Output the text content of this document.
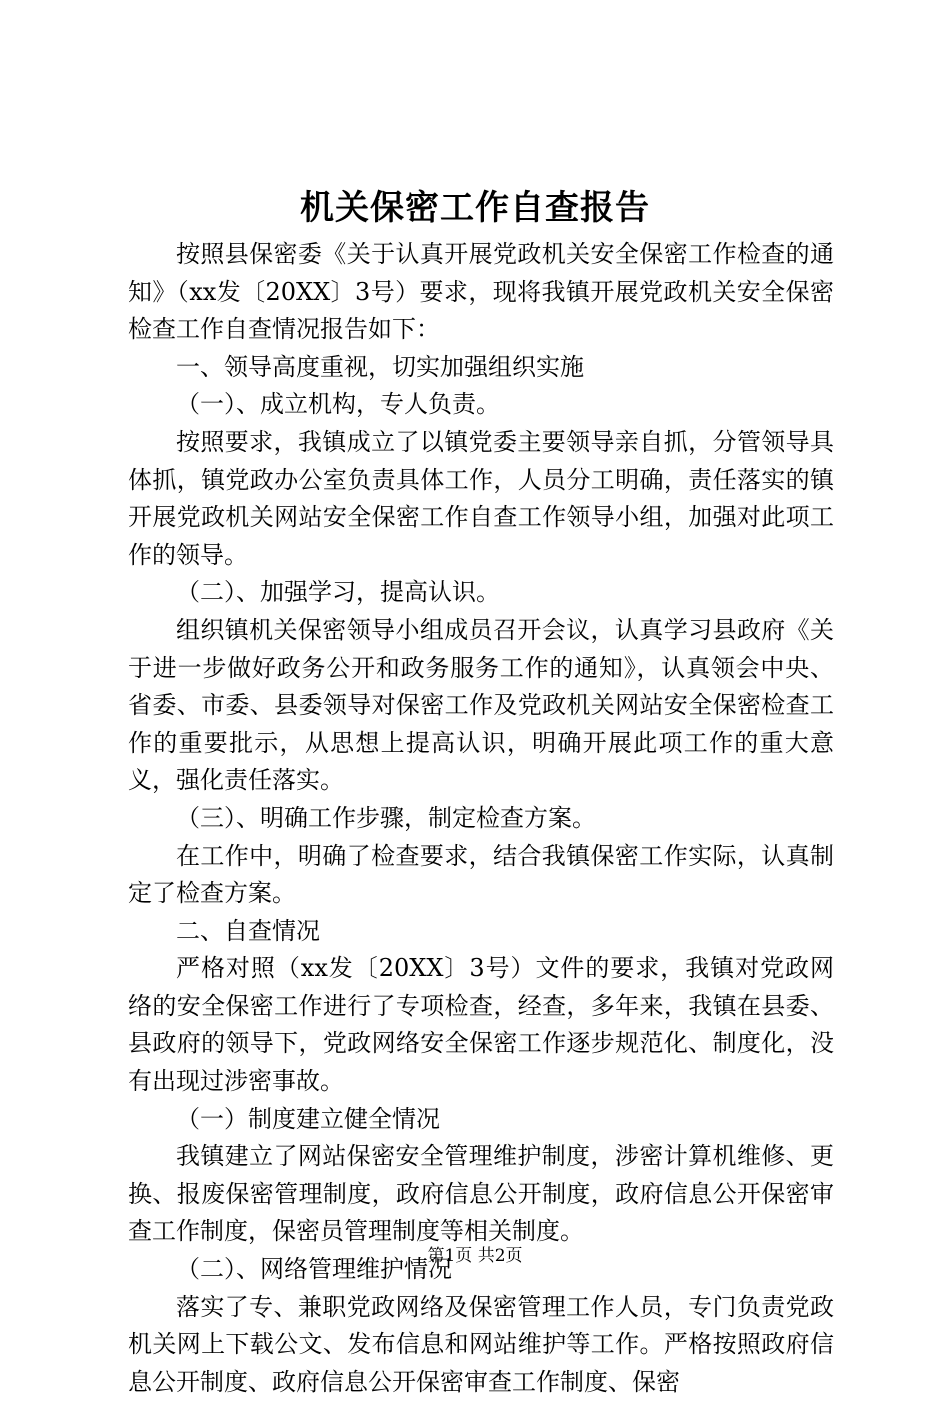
机关保密工作自查报告

按照县保密委《关于认真开展党政机关安全保密工作检查的通知》（xx发〔20XX〕3号）要求，现将我镇开展党政机关安全保密检查工作自查情况报告如下：

一、领导高度重视，切实加强组织实施

（一）、成立机构，专人负责。

按照要求，我镇成立了以镇党委主要领导亲自抓，分管领导具体抓，镇党政办公室负责具体工作，人员分工明确，责任落实的镇开展党政机关网站安全保密工作自查工作领导小组，加强对此项工作的领导。

（二）、加强学习，提高认识。

组织镇机关保密领导小组成员召开会议，认真学习县政府《关于进一步做好政务公开和政务服务工作的通知》，认真领会中央、省委、市委、县委领导对保密工作及党政机关网站安全保密检查工作的重要批示，从思想上提高认识，明确开展此项工作的重大意义，强化责任落实。

（三）、明确工作步骤，制定检查方案。

在工作中，明确了检查要求，结合我镇保密工作实际，认真制定了检查方案。

二、自查情况

严格对照（xx发〔20XX〕3号）文件的要求，我镇对党政网络的安全保密工作进行了专项检查，经查，多年来，我镇在县委、县政府的领导下，党政网络安全保密工作逐步规范化、制度化，没有出现过涉密事故。

（一）制度建立健全情况

我镇建立了网站保密安全管理维护制度，涉密计算机维修、更换、报废保密管理制度，政府信息公开制度，政府信息公开保密审查工作制度，保密员管理制度等相关制度。

（二）、网络管理维护情况

落实了专、兼职党政网络及保密管理工作人员，专门负责党政机关网上下载公文、发布信息和网站维护等工作。严格按照政府信息公开制度、政府信息公开保密审查工作制度、保密

第1页 共2页
